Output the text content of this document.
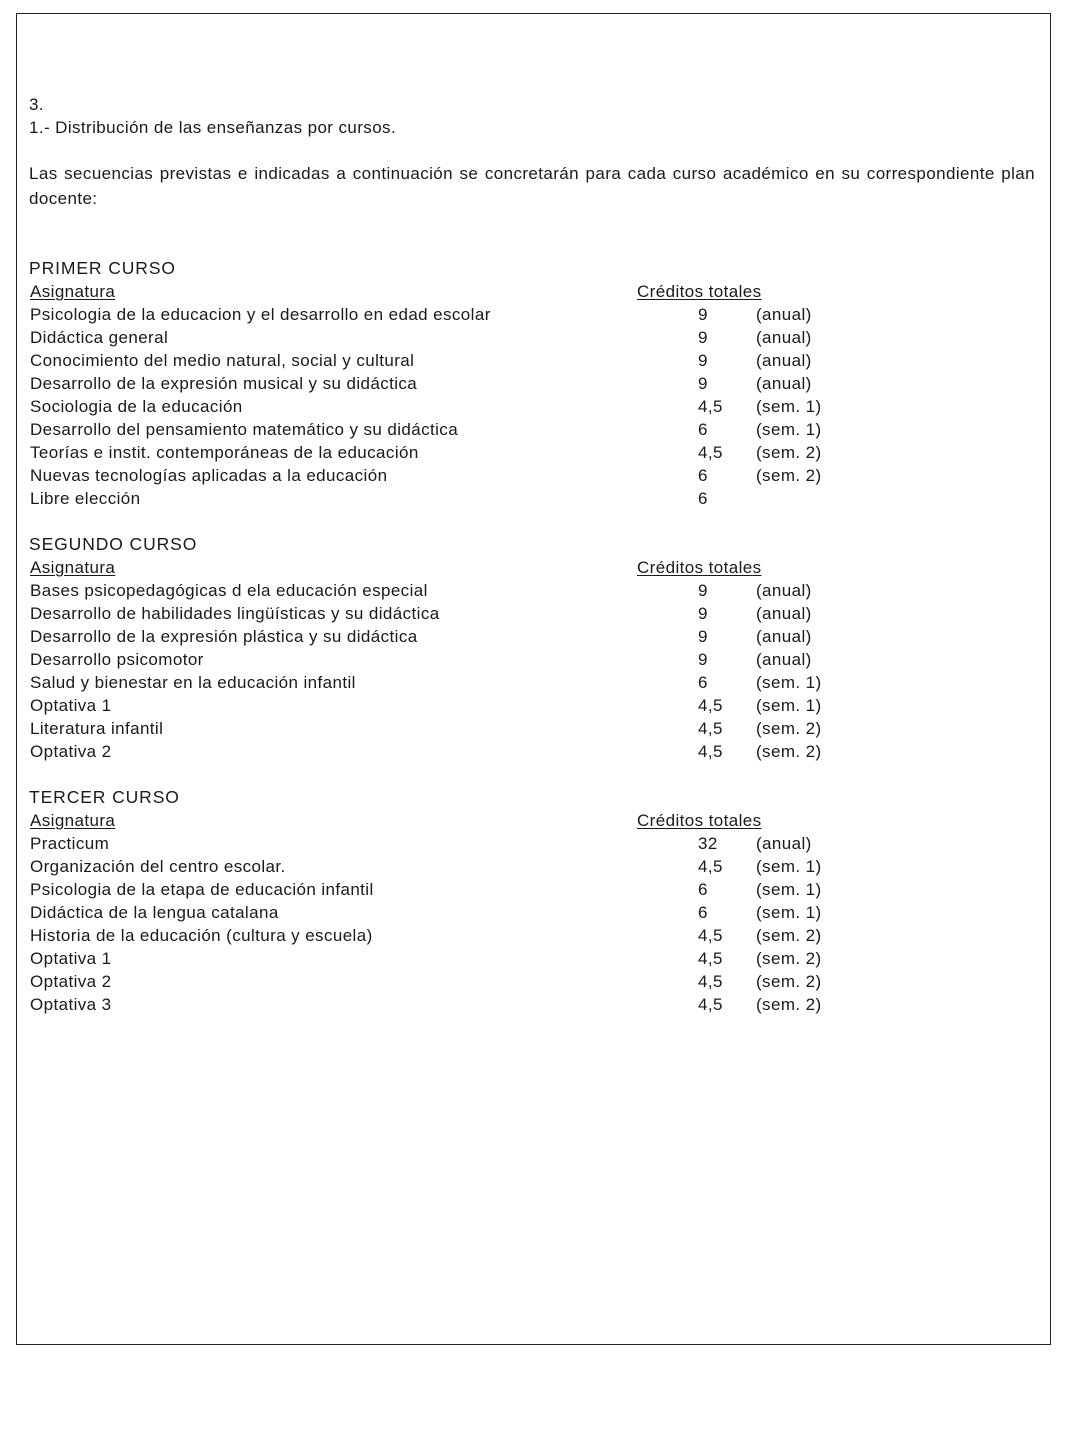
3.
1.- Distribución de las enseñanzas por cursos.
Las secuencias previstas e indicadas a continuación se concretarán para cada curso académico en su correspondiente plan docente:
PRIMER CURSO
Asignatura	Créditos totales
Psicologia de la educacion y el desarrollo en edad escolar	9	(anual)
Didáctica general	9	(anual)
Conocimiento del medio natural, social y cultural	9	(anual)
Desarrollo de la expresión musical y su didáctica	9	(anual)
Sociologia de la educación	4,5	(sem. 1)
Desarrollo del pensamiento matemático y su didáctica	6	(sem. 1)
Teorías e instit. contemporáneas de la educación	4,5	(sem. 2)
Nuevas tecnologías aplicadas a la educación	6	(sem. 2)
Libre elección	6
SEGUNDO CURSO
Asignatura	Créditos totales
Bases psicopedagógicas d ela educación especial	9	(anual)
Desarrollo de habilidades lingüísticas y su didáctica	9	(anual)
Desarrollo de la expresión plástica y su didáctica	9	(anual)
Desarrollo psicomotor	9	(anual)
Salud y bienestar en la educación infantil	6	(sem. 1)
Optativa 1	4,5	(sem. 1)
Literatura infantil	4,5	(sem. 2)
Optativa 2	4,5	(sem. 2)
TERCER CURSO
Asignatura	Créditos totales
Practicum	32	(anual)
Organización del centro escolar.	4,5	(sem. 1)
Psicologia de la etapa de educación infantil	6	(sem. 1)
Didáctica de la lengua catalana	6	(sem. 1)
Historia de la educación (cultura y escuela)	4,5	(sem. 2)
Optativa 1	4,5	(sem. 2)
Optativa 2	4,5	(sem. 2)
Optativa 3	4,5	(sem. 2)
